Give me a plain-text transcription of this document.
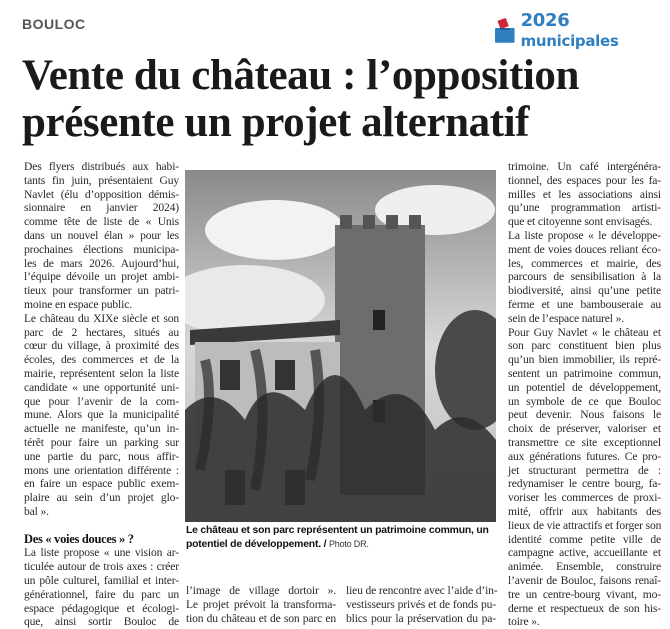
BOULOC	2026 municipales
Vente du château : l’opposition
présente un projet alternatif
Des flyers distribués aux habi-
tants fin juin, présentaient Guy
Navlet (élu d’opposition démis-
sionnaire en janvier 2024)
comme tête de liste de « Unis
dans un nouvel élan » pour les
prochaines élections municipa-
les de mars 2026. Aujourd’hui,
l’équipe dévoile un projet ambi-
tieux pour transformer un patri-
moine en espace public.
Le château du XIXe siècle et son
parc de 2 hectares, situés au
cœur du village, à proximité des
écoles, des commerces et de la
mairie, représentent selon la liste
candidate « une opportunité uni-
que pour l’avenir de la com-
mune. Alors que la municipalité
actuelle ne manifeste, qu’un in-
térêt pour faire un parking sur
une partie du parc, nous affir-
mons une orientation différente :
en faire un espace public exem-
plaire au sein d’un projet glo-
bal ».
Des « voies douces » ?
La liste propose « une vision ar-
ticulée autour de trois axes : créer
un pôle culturel, familial et inter-
générationnel, faire du parc un
espace pédagogique et écologi-
que, ainsi sortir Bouloc de
Le château et son parc représentent un patrimoine commun, un potentiel de développement. / Photo DR.
l’image de village dortoir ».
Le projet prévoit la transforma-
tion du château et de son parc en
lieu de rencontre avec l’aide d’in-
vestisseurs privés et de fonds pu-
blics pour la préservation du pa-
trimoine. Un café intergénéra-
tionnel, des espaces pour les fa-
milles et les associations ainsi
qu’une programmation artisti-
que et citoyenne sont envisagés.
La liste propose « le développe-
ment de voies douces reliant éco-
les, commerces et mairie, des
parcours de sensibilisation à la
biodiversité, ainsi qu’une petite
ferme et une bambouseraie au
sein de l’espace naturel ».
Pour Guy Navlet « le château et
son parc constituent bien plus
qu’un bien immobilier, ils repré-
sentent un patrimoine commun,
un potentiel de développement,
un symbole de ce que Bouloc
peut devenir. Nous faisons le
choix de préserver, valoriser et
transmettre ce site exceptionnel
aux générations futures. Ce pro-
jet structurant permettra de :
redynamiser le centre bourg, fa-
voriser les commerces de proxi-
mité, offrir aux habitants des
lieux de vie attractifs et forger son
identité comme petite ville de
campagne active, accueillante et
animée. Ensemble, construire
l’avenir de Bouloc, faisons renaî-
tre un centre-bourg vivant, mo-
derne et respectueux de son his-
toire ».
